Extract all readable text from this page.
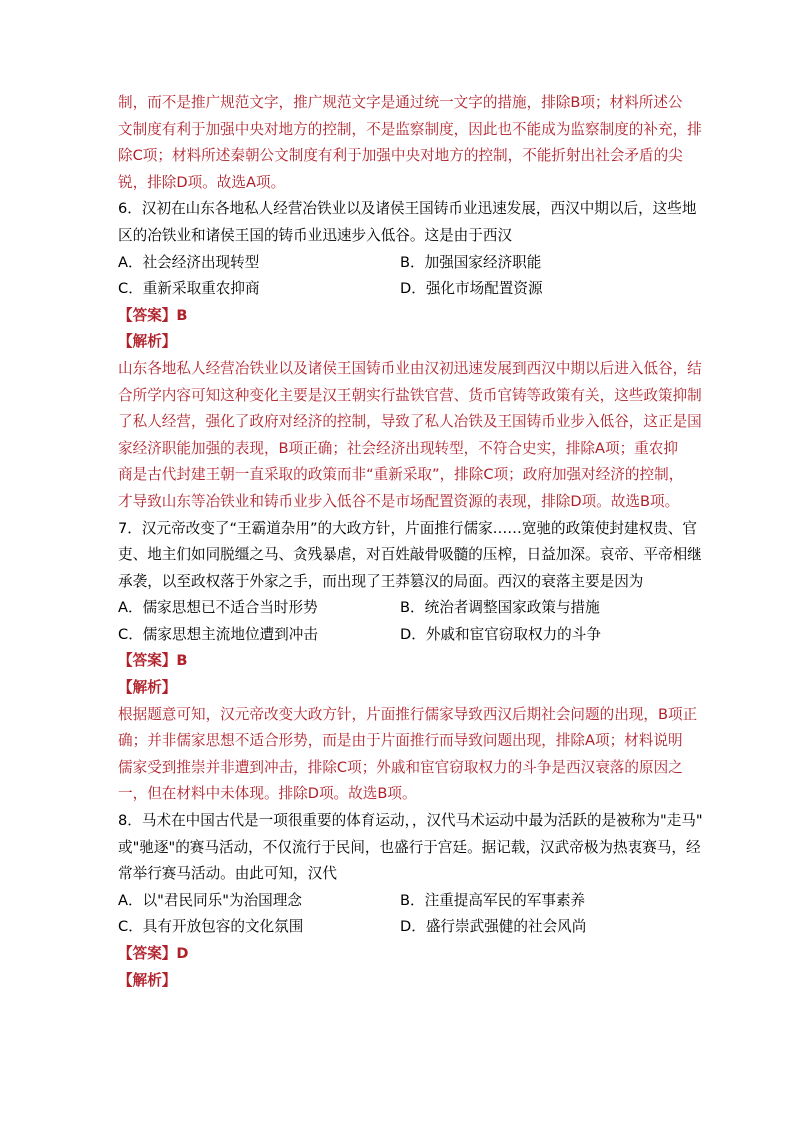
制，而不是推广规范文字，推广规范文字是通过统一文字的措施，排除B项；材料所述公
文制度有利于加强中央对地方的控制，不是监察制度，因此也不能成为监察制度的补充，排
除C项；材料所述秦朝公文制度有利于加强中央对地方的控制，不能折射出社会矛盾的尖
锐，排除D项。故选A项。
6．汉初在山东各地私人经营冶铁业以及诸侯王国铸币业迅速发展，西汉中期以后，这些地
区的冶铁业和诸侯王国的铸币业迅速步入低谷。这是由于西汉
A．社会经济出现转型	B．加强国家经济职能
C．重新采取重农抑商	D．强化市场配置资源
【答案】B
【解析】
山东各地私人经营冶铁业以及诸侯王国铸币业由汉初迅速发展到西汉中期以后进入低谷，结
合所学内容可知这种变化主要是汉王朝实行盐铁官营、货币官铸等政策有关，这些政策抑制
了私人经营，强化了政府对经济的控制，导致了私人冶铁及王国铸币业步入低谷，这正是国
家经济职能加强的表现，B项正确；社会经济出现转型，不符合史实，排除A项；重农抑
商是古代封建王朝一直采取的政策而非“重新采取”，排除C项；政府加强对经济的控制，
才导致山东等冶铁业和铸币业步入低谷不是市场配置资源的表现，排除D项。故选B项。
7．汉元帝改变了“王霸道杂用”的大政方针，片面推行儒家……宽驰的政策使封建权贵、官
吏、地主们如同脱缰之马、贪残暴虐，对百姓敲骨吸髓的压榨，日益加深。哀帝、平帝相继
承袭，以至政权落于外家之手，而出现了王莽篡汉的局面。西汉的衰落主要是因为
A．儒家思想已不适合当时形势	B．统治者调整国家政策与措施
C．儒家思想主流地位遭到冲击	D．外戚和宦官窃取权力的斗争
【答案】B
【解析】
根据题意可知，汉元帝改变大政方针，片面推行儒家导致西汉后期社会问题的出现，B项正
确；并非儒家思想不适合形势，而是由于片面推行而导致问题出现，排除A项；材料说明
儒家受到推崇并非遭到冲击，排除C项；外戚和宦官窃取权力的斗争是西汉衰落的原因之
一，但在材料中未体现。排除D项。故选B项。
8．马术在中国古代是一项很重要的体育运动，，汉代马术运动中最为活跃的是被称为"走马"
或"驰逐"的赛马活动，不仅流行于民间，也盛行于宫廷。据记载，汉武帝极为热衷赛马，经
常举行赛马活动。由此可知，汉代
A．以"君民同乐"为治国理念	B．注重提高军民的军事素养
C．具有开放包容的文化氛围	D．盛行崇武强健的社会风尚
【答案】D
【解析】
